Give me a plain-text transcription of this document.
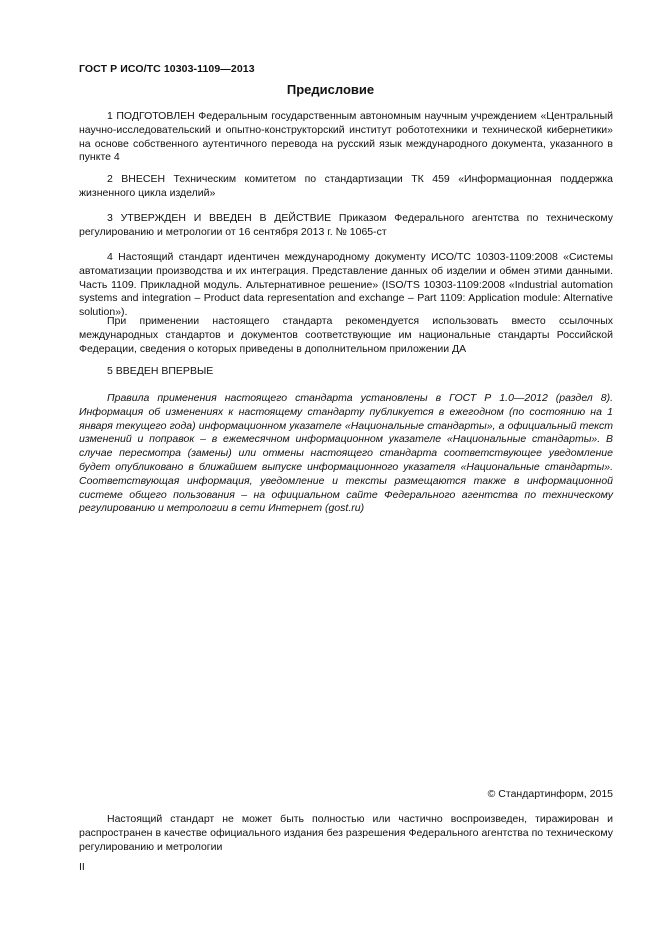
ГОСТ Р ИСО/ТС 10303-1109—2013
Предисловие

1 ПОДГОТОВЛЕН Федеральным государственным автономным научным учреждением «Центральный научно-исследовательский и опытно-конструкторский институт робототехники и технической кибернетики» на основе собственного аутентичного перевода на русский язык международного документа, указанного в пункте 4

2 ВНЕСЕН Техническим комитетом по стандартизации ТК 459 «Информационная поддержка жизненного цикла изделий»

3 УТВЕРЖДЕН И ВВЕДЕН В ДЕЙСТВИЕ Приказом Федерального агентства по техническому регулированию и метрологии от 16 сентября 2013 г. № 1065-ст

4 Настоящий стандарт идентичен международному документу ИСО/ТС 10303-1109:2008 «Системы автоматизации производства и их интеграция. Представление данных об изделии и обмен этими данными. Часть 1109. Прикладной модуль. Альтернативное решение» (ISO/TS 10303-1109:2008 «Industrial automation systems and integration – Product data representation and exchange – Part 1109: Application module: Alternative solution»).

При применении настоящего стандарта рекомендуется использовать вместо ссылочных международных стандартов и документов соответствующие им национальные стандарты Российской Федерации, сведения о которых приведены в дополнительном приложении ДА

5 ВВЕДЕН ВПЕРВЫЕ

Правила применения настоящего стандарта установлены в ГОСТ Р 1.0—2012 (раздел 8). Информация об изменениях к настоящему стандарту публикуется в ежегодном (по состоянию на 1 января текущего года) информационном указателе «Национальные стандарты», а официальный текст изменений и поправок – в ежемесячном информационном указателе «Национальные стандарты». В случае пересмотра (замены) или отмены настоящего стандарта соответствующее уведомление будет опубликовано в ближайшем выпуске информационного указателя «Национальные стандарты». Соответствующая информация, уведомление и тексты размещаются также в информационной системе общего пользования – на официальном сайте Федерального агентства по техническому регулированию и метрологии в сети Интернет (gost.ru)

© Стандартинформ, 2015

Настоящий стандарт не может быть полностью или частично воспроизведен, тиражирован и распространен в качестве официального издания без разрешения Федерального агентства по техническому регулированию и метрологии

II
